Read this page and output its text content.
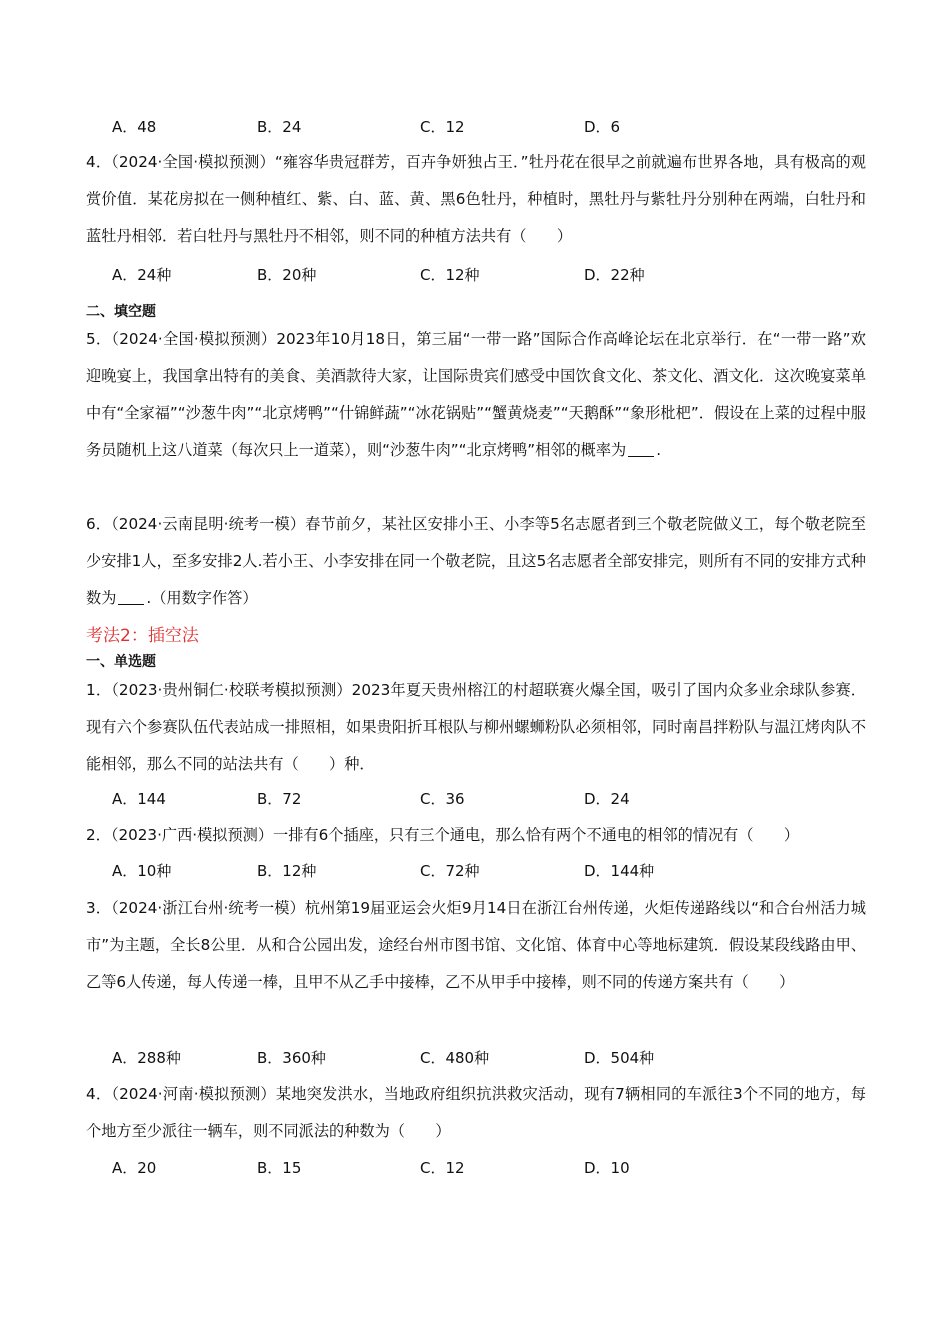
A．48	B．24	C．12	D．6

4．（2024·全国·模拟预测）“雍容华贵冠群芳，百卉争妍独占王．”牡丹花在很早之前就遍布世界各地，具有极高的观赏价值．某花房拟在一侧种植红、紫、白、蓝、黄、黑6色牡丹，种植时，黑牡丹与紫牡丹分别种在两端，白牡丹和蓝牡丹相邻．若白牡丹与黑牡丹不相邻，则不同的种植方法共有（　　）

A．24种	B．20种	C．12种	D．22种

二、填空题

5．（2024·全国·模拟预测）2023年10月18日，第三届“一带一路”国际合作高峰论坛在北京举行．在“一带一路”欢迎晚宴上，我国拿出特有的美食、美酒款待大家，让国际贵宾们感受中国饮食文化、茶文化、酒文化．这次晚宴菜单中有“全家福”“沙葱牛肉”“北京烤鸭”“什锦鲜蔬”“冰花锅贴”“蟹黄烧麦”“天鹅酥”“象形枇杷”．假设在上菜的过程中服务员随机上这八道菜（每次只上一道菜），则“沙葱牛肉”“北京烤鸭”相邻的概率为 .

6．（2024·云南昆明·统考一模）春节前夕，某社区安排小王、小李等5名志愿者到三个敬老院做义工，每个敬老院至少安排1人，至多安排2人.若小王、小李安排在同一个敬老院，且这5名志愿者全部安排完，则所有不同的安排方式种数为 .（用数字作答）

考法2：插空法

一、单选题

1．（2023·贵州铜仁·校联考模拟预测）2023年夏天贵州榕江的村超联赛火爆全国，吸引了国内众多业余球队参赛．现有六个参赛队伍代表站成一排照相，如果贵阳折耳根队与柳州螺蛳粉队必须相邻，同时南昌拌粉队与温江烤肉队不能相邻，那么不同的站法共有（　　）种．

A．144	B．72	C．36	D．24

2．（2023·广西·模拟预测）一排有6个插座，只有三个通电，那么恰有两个不通电的相邻的情况有（　　）

A．10种	B．12种	C．72种	D．144种

3．（2024·浙江台州·统考一模）杭州第19届亚运会火炬9月14日在浙江台州传递，火炬传递路线以“和合台州活力城市”为主题，全长8公里．从和合公园出发，途经台州市图书馆、文化馆、体育中心等地标建筑．假设某段线路由甲、乙等6人传递，每人传递一棒，且甲不从乙手中接棒，乙不从甲手中接棒，则不同的传递方案共有（　　）

A．288种	B．360种	C．480种	D．504种

4．（2024·河南·模拟预测）某地突发洪水，当地政府组织抗洪救灾活动，现有7辆相同的车派往3个不同的地方，每个地方至少派往一辆车，则不同派法的种数为（　　）

A．20	B．15	C．12	D．10
